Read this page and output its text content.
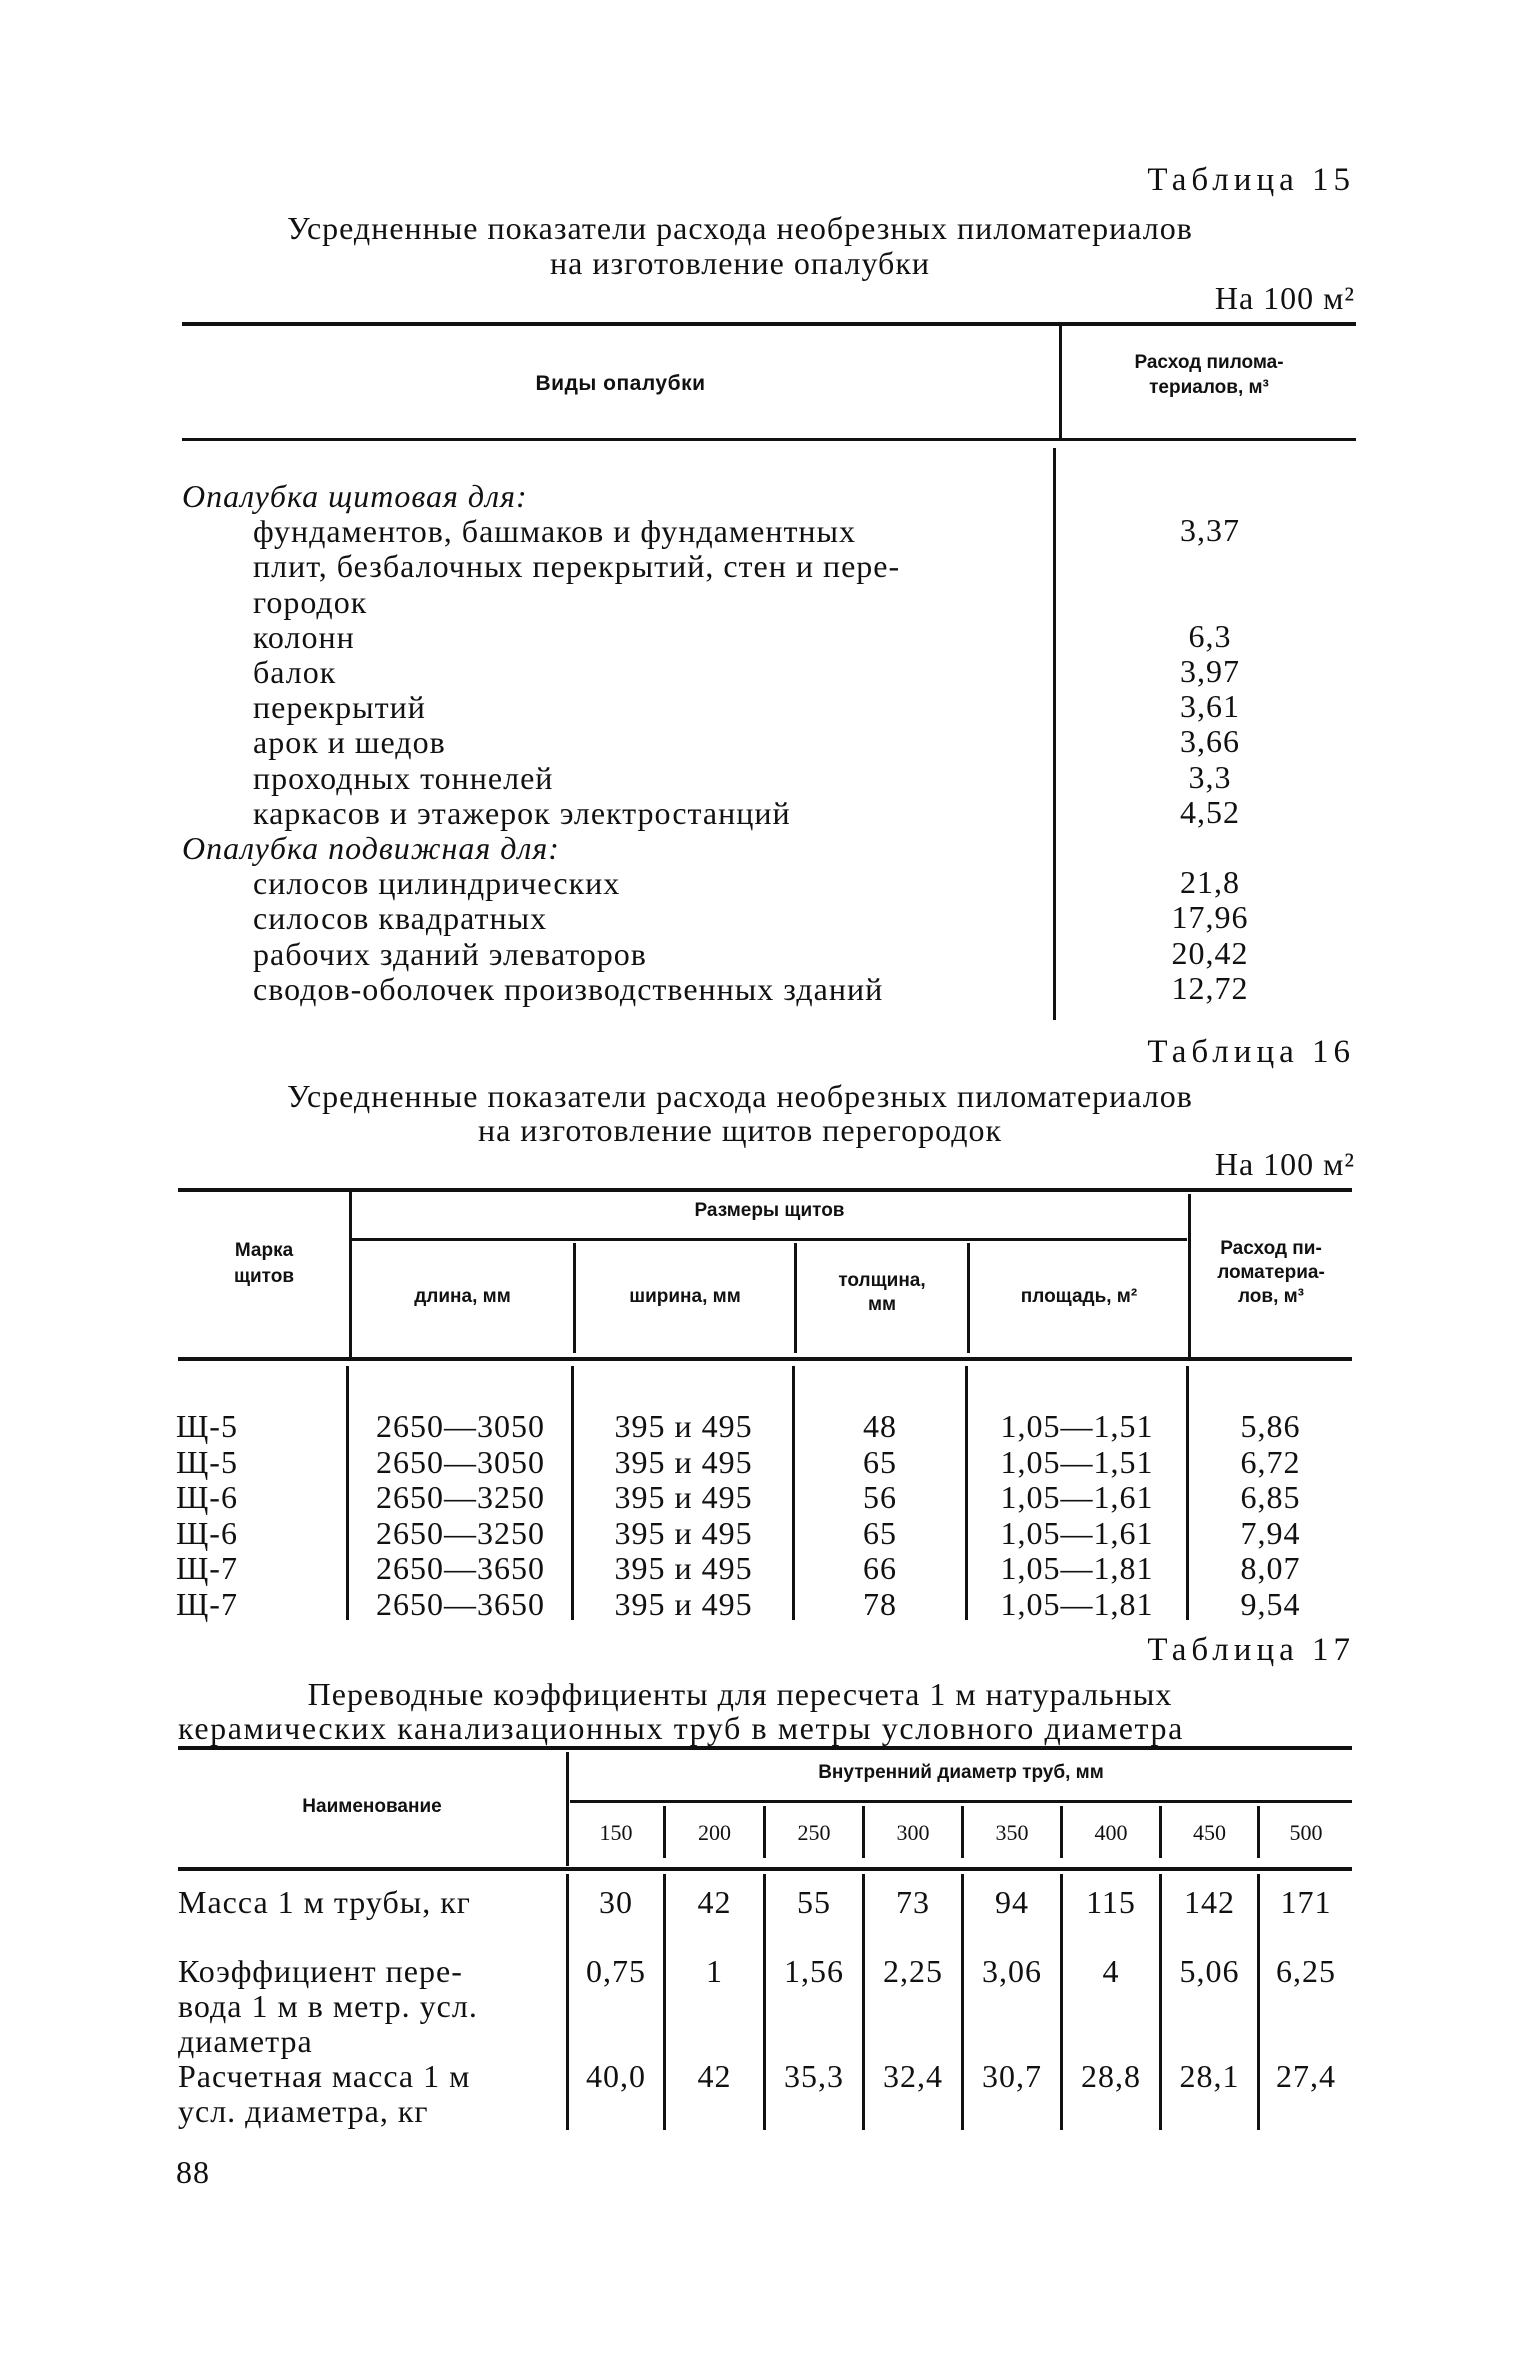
Таблица 15
Усредненные показатели расхода необрезных пиломатериалов
на изготовление опалубки
На 100 м²
Виды опалубки
Расход пилома-
териалов, м³
Опалубка щитовая для:
фундаментов, башмаков и фундаментных	3,37
плит, безбалочных перекрытий, стен и пере-
городок
колонн	6,3
балок	3,97
перекрытий	3,61
арок и шедов	3,66
проходных тоннелей	3,3
каркасов и этажерок электростанций	4,52
Опалубка подвижная для:
силосов цилиндрических	21,8
силосов квадратных	17,96
рабочих зданий элеваторов	20,42
сводов-оболочек производственных зданий	12,72
Таблица 16
Усредненные показатели расхода необрезных пиломатериалов
на изготовление щитов перегородок
На 100 м²
Марка
щитов
Размеры щитов
длина, мм	ширина, мм
толщина,
мм	площадь, м²
Расход пи-
ломатериа-
лов, м³
Щ-5	2650—3050	395 и 495	48	1,05—1,51	5,86
Щ-5	2650—3050	395 и 495	65	1,05—1,51	6,72
Щ-6	2650—3250	395 и 495	56	1,05—1,61	6,85
Щ-6	2650—3250	395 и 495	65	1,05—1,61	7,94
Щ-7	2650—3650	395 и 495	66	1,05—1,81	8,07
Щ-7	2650—3650	395 и 495	78	1,05—1,81	9,54
Таблица 17
Переводные коэффициенты для пересчета 1 м натуральных
керамических канализационных труб в метры условного диаметра
Наименование
Внутренний диаметр труб, мм
150	200	250	300	350	400	450	500
Масса 1 м трубы, кг	30	42	55	73	94	115	142	171
Коэффициент пере-
вода 1 м в метр. усл.
диаметра
0,75	1	1,56	2,25	3,06	4	5,06	6,25
Расчетная масса 1 м
усл. диаметра, кг
40,0	42	35,3	32,4	30,7	28,8	28,1	27,4
88
